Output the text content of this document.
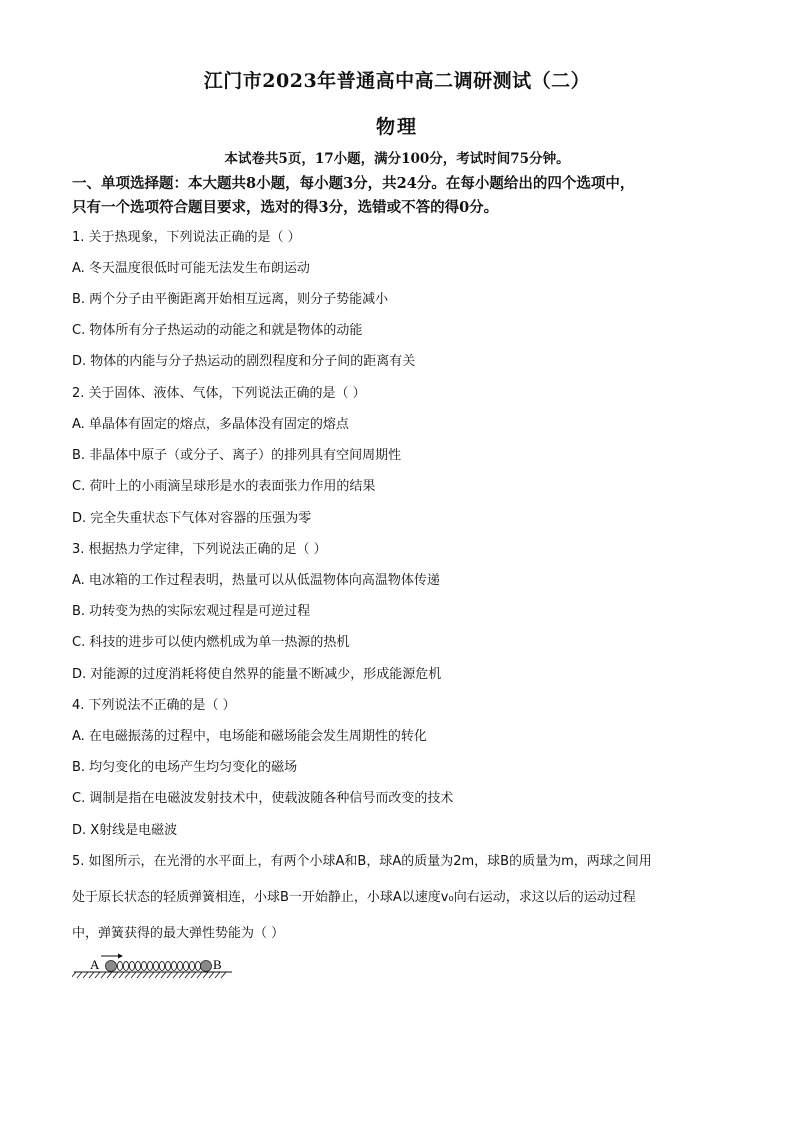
江门市2023年普通高中高二调研测试（二）
物理
本试卷共5页，17小题，满分100分，考试时间75分钟。
一、单项选择题：本大题共8小题，每小题3分，共24分。在每小题给出的四个选项中，
只有一个选项符合题目要求，选对的得3分，选错或不答的得0分。
1. 关于热现象，下列说法正确的是（ ）
A. 冬天温度很低时可能无法发生布朗运动
B. 两个分子由平衡距离开始相互远离，则分子势能减小
C. 物体所有分子热运动的动能之和就是物体的动能
D. 物体的内能与分子热运动的剧烈程度和分子间的距离有关
2. 关于固体、液体、气体，下列说法正确的是（ ）
A. 单晶体有固定的熔点，多晶体没有固定的熔点
B. 非晶体中原子（或分子、离子）的排列具有空间周期性
C. 荷叶上的小雨滴呈球形是水的表面张力作用的结果
D. 完全失重状态下气体对容器的压强为零
3. 根据热力学定律，下列说法正确的足（ ）
A. 电冰箱的工作过程表明，热量可以从低温物体向高温物体传递
B. 功转变为热的实际宏观过程是可逆过程
C. 科技的进步可以使内燃机成为单一热源的热机
D. 对能源的过度消耗将使自然界的能量不断减少，形成能源危机
4. 下列说法不正确的是（ ）
A. 在电磁振荡的过程中，电场能和磁场能会发生周期性的转化
B. 均匀变化的电场产生均匀变化的磁场
C. 调制是指在电磁波发射技术中，使载波随各种信号而改变的技术
D. X射线是电磁波
5. 如图所示，在光滑的水平面上，有两个小球A和B，球A的质量为2m，球B的质量为m，两球之间用
处于原长状态的轻质弹簧相连，小球B一开始静止，小球A以速度v₀向右运动，求这以后的运动过程
中，弹簧获得的最大弹性势能为（ ）
A	B
